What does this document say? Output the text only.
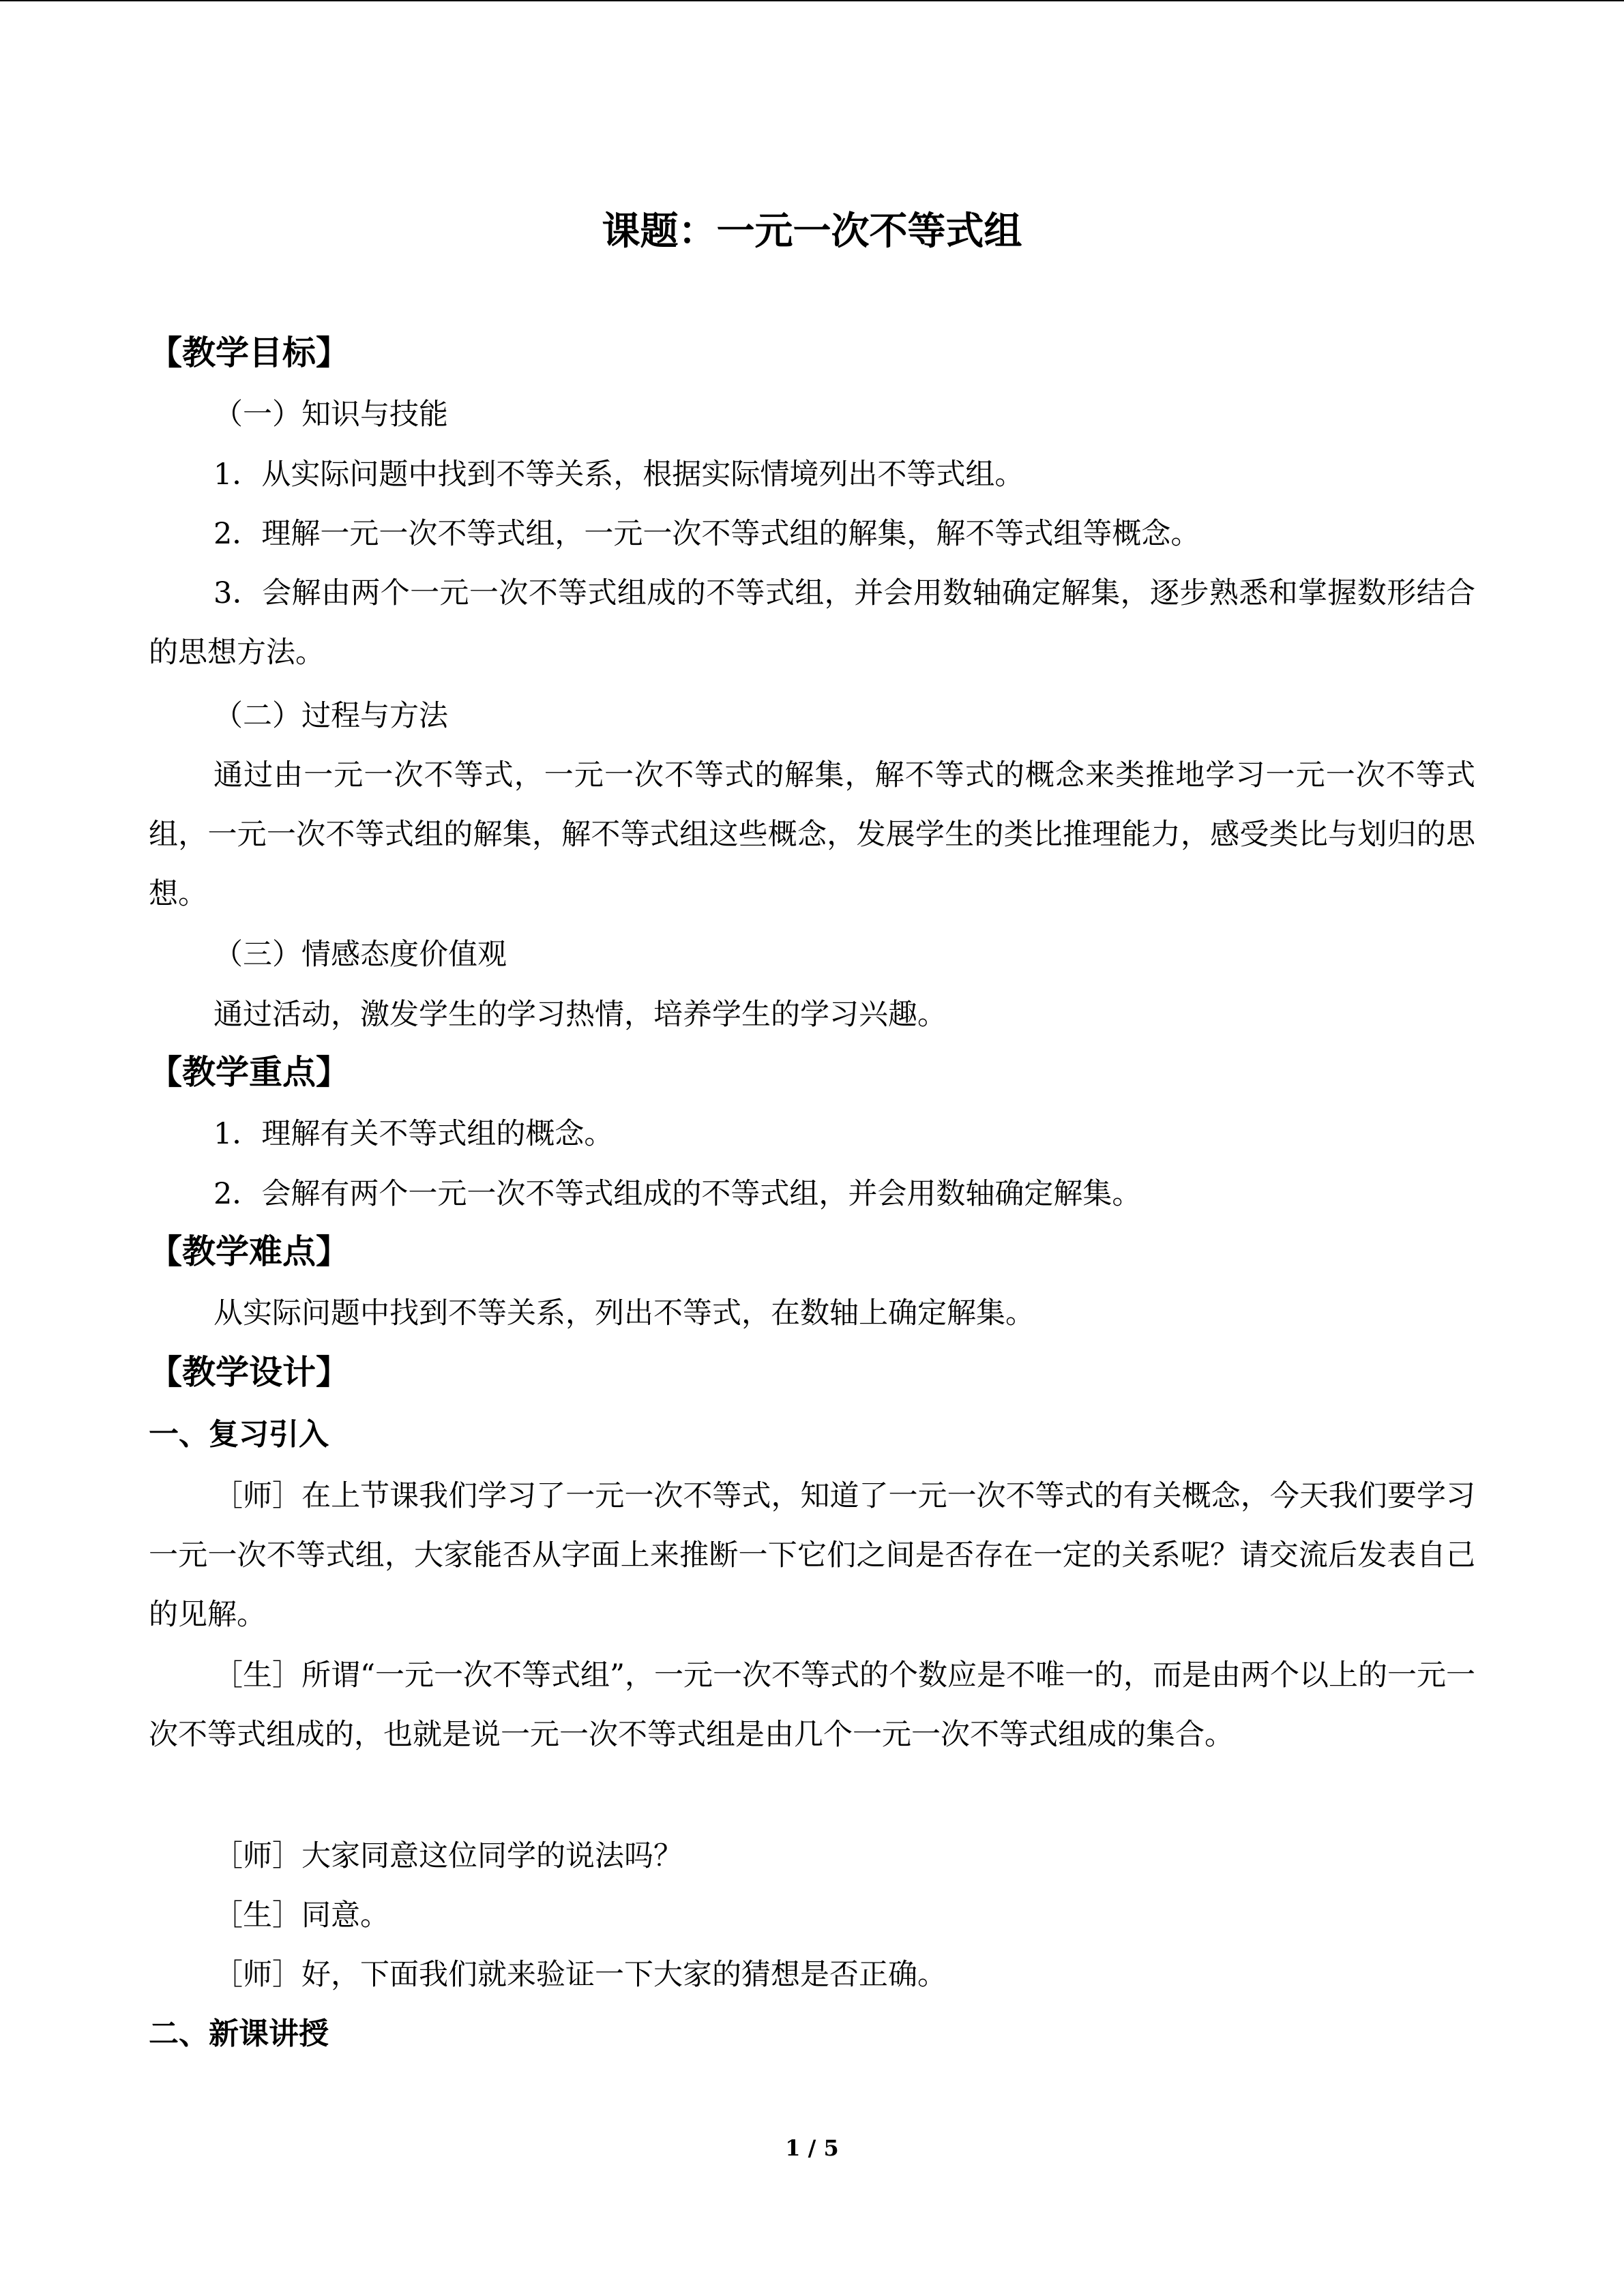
课题：一元一次不等式组
【教学目标】
（一）知识与技能
1．从实际问题中找到不等关系，根据实际情境列出不等式组。
2．理解一元一次不等式组，一元一次不等式组的解集，解不等式组等概念。
3．会解由两个一元一次不等式组成的不等式组，并会用数轴确定解集，逐步熟悉和掌握数形结合的思想方法。
（二）过程与方法
通过由一元一次不等式，一元一次不等式的解集，解不等式的概念来类推地学习一元一次不等式组，一元一次不等式组的解集，解不等式组这些概念，发展学生的类比推理能力，感受类比与划归的思想。
（三）情感态度价值观
通过活动，激发学生的学习热情，培养学生的学习兴趣。
【教学重点】
1．理解有关不等式组的概念。
2．会解有两个一元一次不等式组成的不等式组，并会用数轴确定解集。
【教学难点】
从实际问题中找到不等关系，列出不等式，在数轴上确定解集。
【教学设计】
一、复习引入
［师］在上节课我们学习了一元一次不等式，知道了一元一次不等式的有关概念，今天我们要学习一元一次不等式组，大家能否从字面上来推断一下它们之间是否存在一定的关系呢？请交流后发表自己的见解。
［生］所谓“一元一次不等式组”，一元一次不等式的个数应是不唯一的，而是由两个以上的一元一次不等式组成的，也就是说一元一次不等式组是由几个一元一次不等式组成的集合。
［师］大家同意这位同学的说法吗？
［生］同意。
［师］好，下面我们就来验证一下大家的猜想是否正确。
二、新课讲授
1 / 5
